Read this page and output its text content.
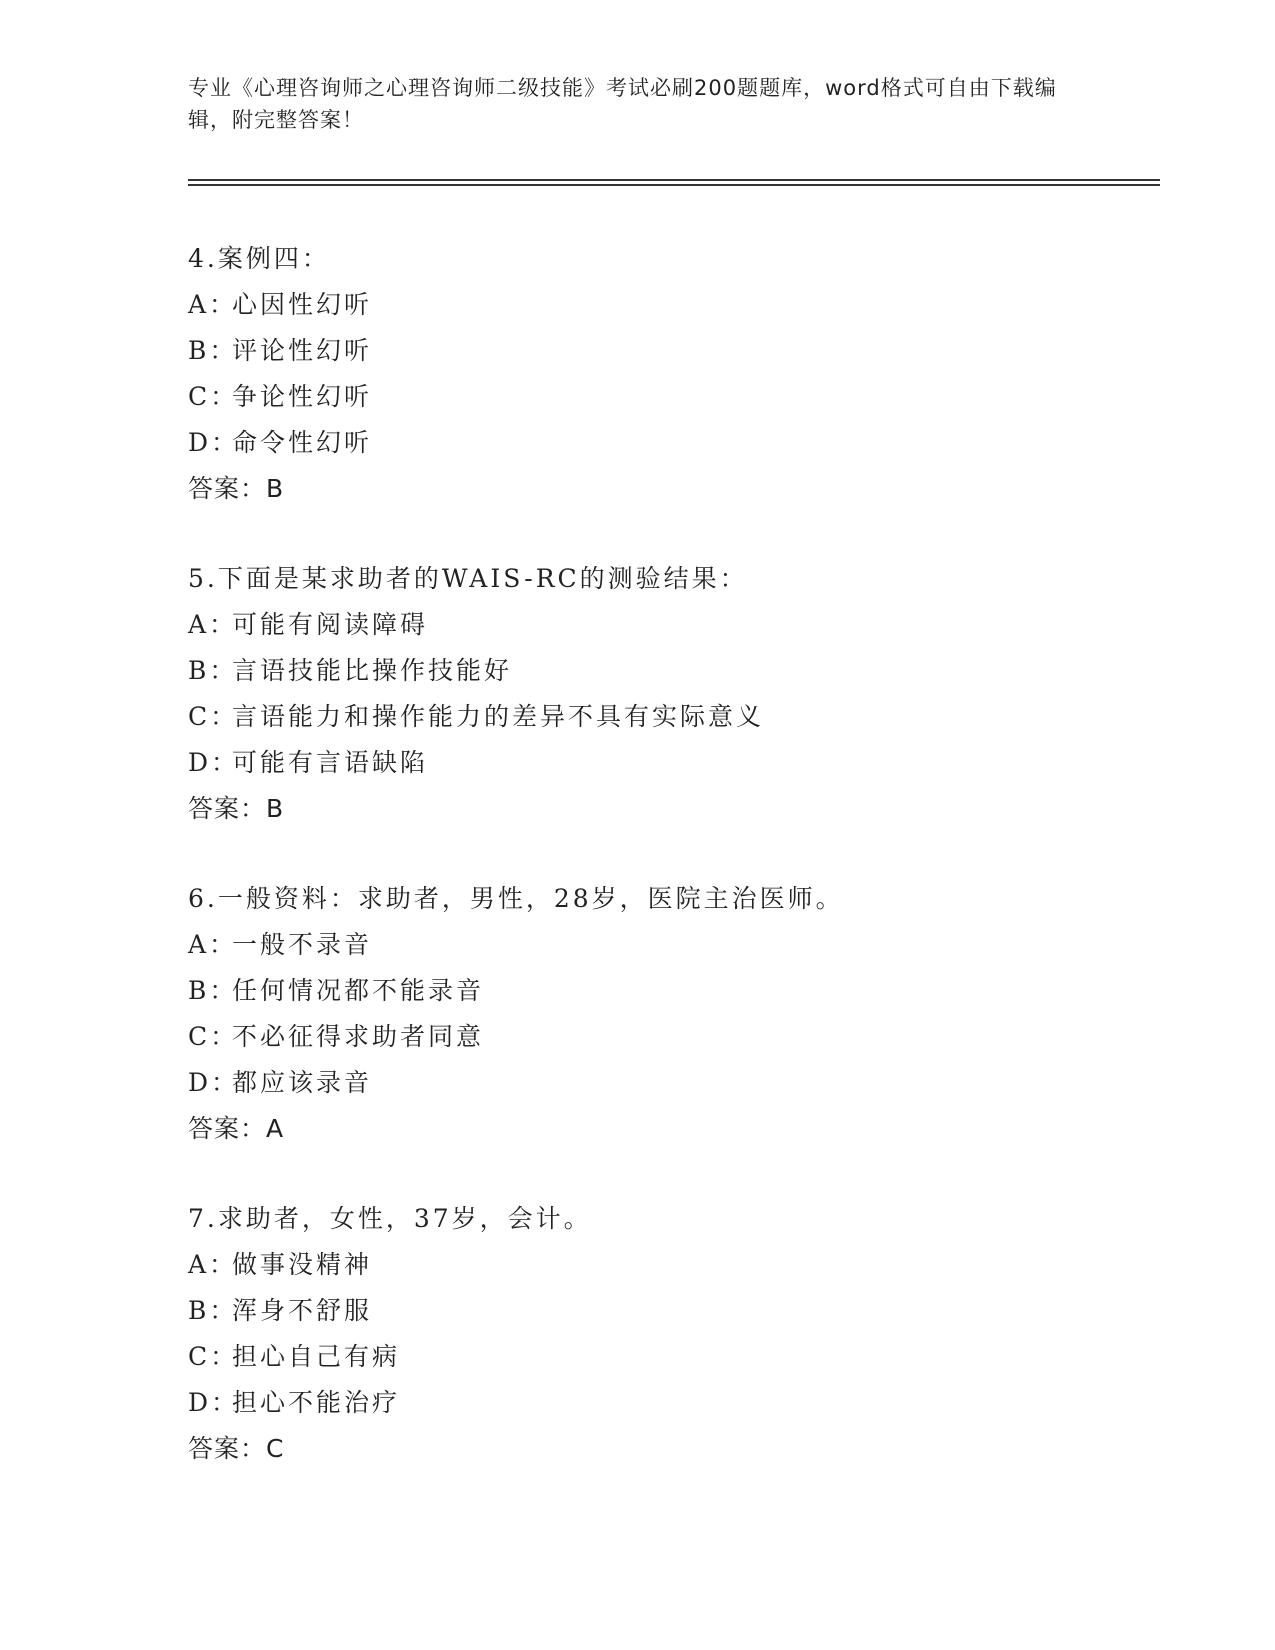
专业《心理咨询师之心理咨询师二级技能》考试必刷200题题库，word格式可自由下载编辑，附完整答案！
4.案例四：
A：心因性幻听
B：评论性幻听
C：争论性幻听
D：命令性幻听
答案：B
5.下面是某求助者的WAIS-RC的测验结果：
A：可能有阅读障碍
B：言语技能比操作技能好
C：言语能力和操作能力的差异不具有实际意义
D：可能有言语缺陷
答案：B
6.一般资料：求助者，男性，28岁，医院主治医师。
A：一般不录音
B：任何情况都不能录音
C：不必征得求助者同意
D：都应该录音
答案：A
7.求助者，女性，37岁，会计。
A：做事没精神
B：浑身不舒服
C：担心自己有病
D：担心不能治疗
答案：C
